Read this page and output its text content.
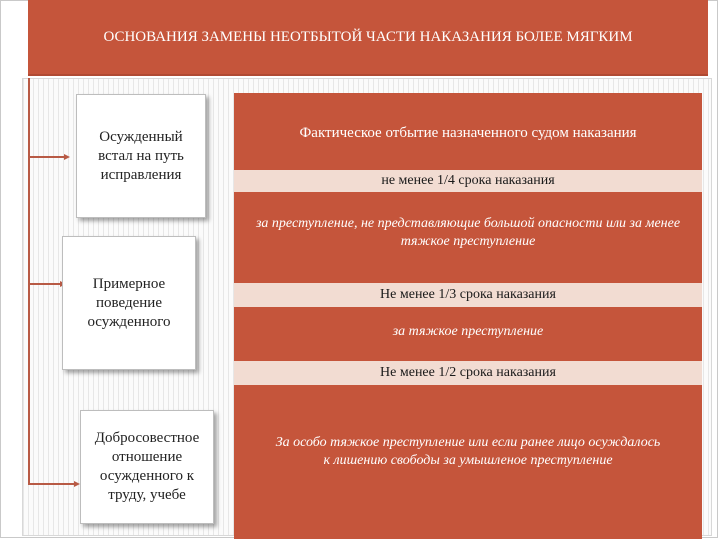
ОСНОВАНИЯ ЗАМЕНЫ НЕОТБЫТОЙ ЧАСТИ НАКАЗАНИЯ БОЛЕЕ МЯГКИМ
Осужденный встал на путь исправления
Примерное поведение осужденного
Добросовестное отношение осужденного к труду, учебе
Фактическое отбытие назначенного судом наказания
не менее 1/4 срока наказания
за преступление, не представляющие большой опасности или за менее тяжкое преступление
Не менее 1/3 срока наказания
за тяжкое преступление
Не менее 1/2 срока наказания
За особо тяжкое преступление или если ранее лицо осуждалось к лишению свободы за умышленое преступление
